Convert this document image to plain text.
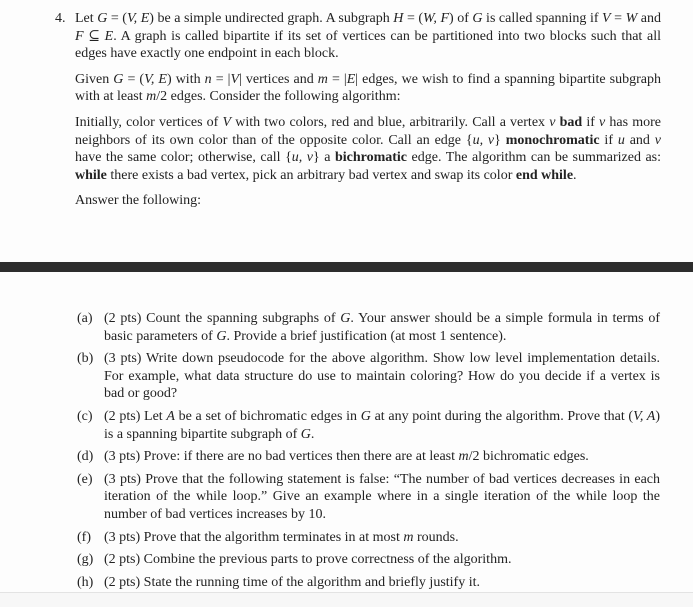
4. Let G = (V, E) be a simple undirected graph. A subgraph H = (W, F) of G is called spanning if V = W and F ⊆ E. A graph is called bipartite if its set of vertices can be partitioned into two blocks such that all edges have exactly one endpoint in each block.

Given G = (V, E) with n = |V| vertices and m = |E| edges, we wish to find a spanning bipartite subgraph with at least m/2 edges. Consider the following algorithm:

Initially, color vertices of V with two colors, red and blue, arbitrarily. Call a vertex v bad if v has more neighbors of its own color than of the opposite color. Call an edge {u, v} monochromatic if u and v have the same color; otherwise, call {u, v} a bichromatic edge. The algorithm can be summarized as: while there exists a bad vertex, pick an arbitrary bad vertex and swap its color end while.

Answer the following:

(a) (2 pts) Count the spanning subgraphs of G. Your answer should be a simple formula in terms of basic parameters of G. Provide a brief justification (at most 1 sentence).
(b) (3 pts) Write down pseudocode for the above algorithm. Show low level implementation details. For example, what data structure do use to maintain coloring? How do you decide if a vertex is bad or good?
(c) (2 pts) Let A be a set of bichromatic edges in G at any point during the algorithm. Prove that (V, A) is a spanning bipartite subgraph of G.
(d) (3 pts) Prove: if there are no bad vertices then there are at least m/2 bichromatic edges.
(e) (3 pts) Prove that the following statement is false: “The number of bad vertices decreases in each iteration of the while loop.” Give an example where in a single iteration of the while loop the number of bad vertices increases by 10.
(f) (3 pts) Prove that the algorithm terminates in at most m rounds.
(g) (2 pts) Combine the previous parts to prove correctness of the algorithm.
(h) (2 pts) State the running time of the algorithm and briefly justify it.
